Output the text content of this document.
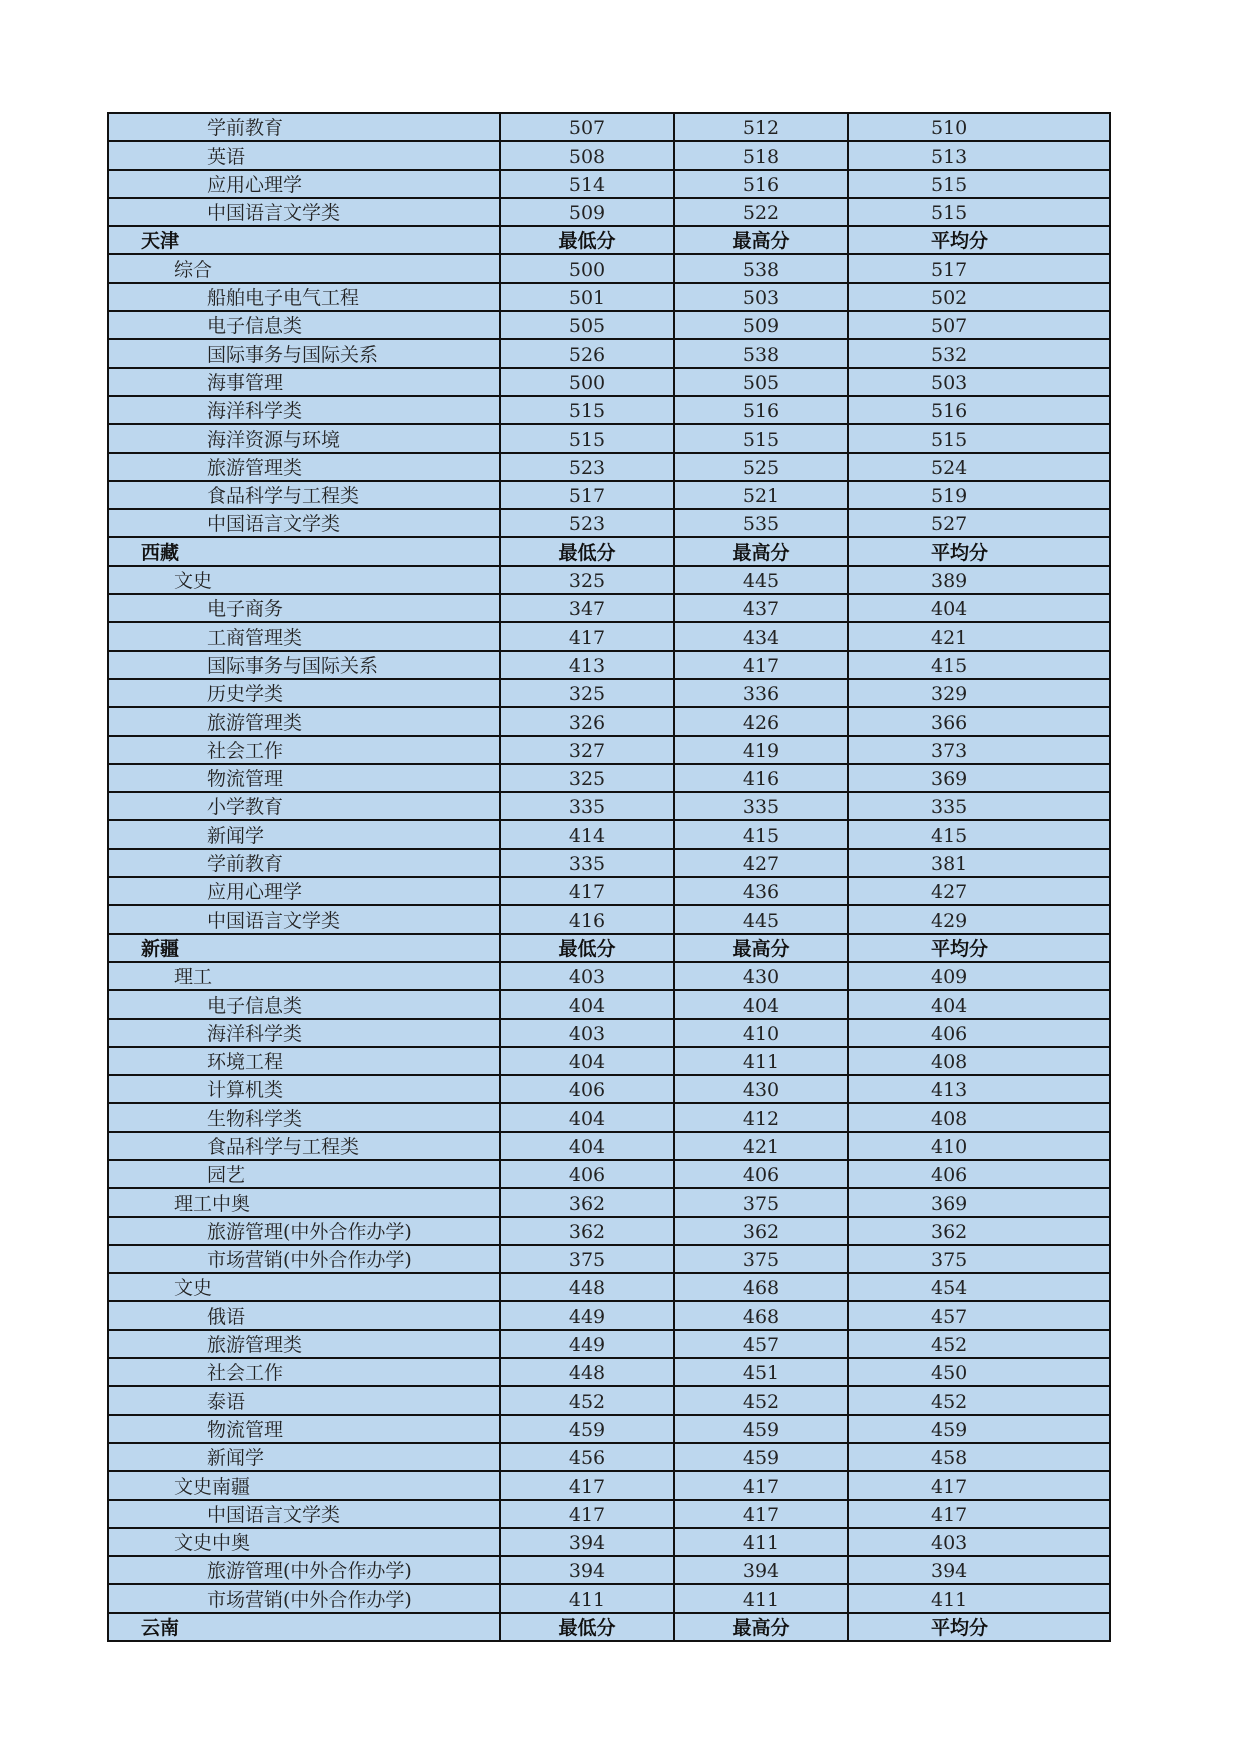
学前教育	507	512	510
英语	508	518	513
应用心理学	514	516	515
中国语言文学类	509	522	515
天津	最低分	最高分	平均分
综合	500	538	517
船舶电子电气工程	501	503	502
电子信息类	505	509	507
国际事务与国际关系	526	538	532
海事管理	500	505	503
海洋科学类	515	516	516
海洋资源与环境	515	515	515
旅游管理类	523	525	524
食品科学与工程类	517	521	519
中国语言文学类	523	535	527
西藏	最低分	最高分	平均分
文史	325	445	389
电子商务	347	437	404
工商管理类	417	434	421
国际事务与国际关系	413	417	415
历史学类	325	336	329
旅游管理类	326	426	366
社会工作	327	419	373
物流管理	325	416	369
小学教育	335	335	335
新闻学	414	415	415
学前教育	335	427	381
应用心理学	417	436	427
中国语言文学类	416	445	429
新疆	最低分	最高分	平均分
理工	403	430	409
电子信息类	404	404	404
海洋科学类	403	410	406
环境工程	404	411	408
计算机类	406	430	413
生物科学类	404	412	408
食品科学与工程类	404	421	410
园艺	406	406	406
理工中奥	362	375	369
旅游管理(中外合作办学)	362	362	362
市场营销(中外合作办学)	375	375	375
文史	448	468	454
俄语	449	468	457
旅游管理类	449	457	452
社会工作	448	451	450
泰语	452	452	452
物流管理	459	459	459
新闻学	456	459	458
文史南疆	417	417	417
中国语言文学类	417	417	417
文史中奥	394	411	403
旅游管理(中外合作办学)	394	394	394
市场营销(中外合作办学)	411	411	411
云南	最低分	最高分	平均分
